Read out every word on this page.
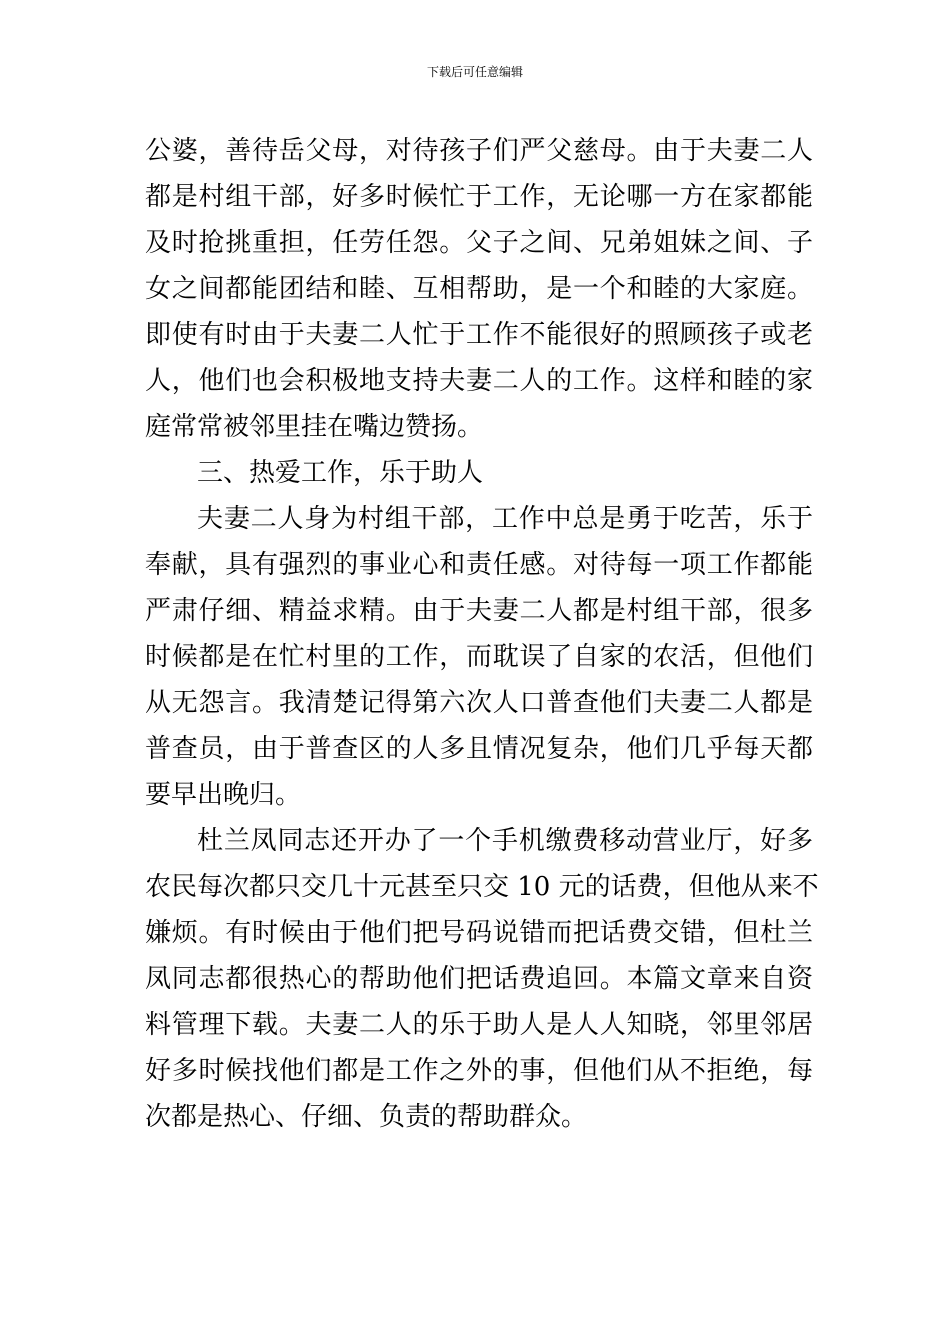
下载后可任意编辑
公婆，善待岳父母，对待孩子们严父慈母。由于夫妻二人
都是村组干部，好多时候忙于工作，无论哪一方在家都能
及时抢挑重担，任劳任怨。父子之间、兄弟姐妹之间、子
女之间都能团结和睦、互相帮助，是一个和睦的大家庭。
即使有时由于夫妻二人忙于工作不能很好的照顾孩子或老
人，他们也会积极地支持夫妻二人的工作。这样和睦的家
庭常常被邻里挂在嘴边赞扬。
三、热爱工作，乐于助人
夫妻二人身为村组干部，工作中总是勇于吃苦，乐于
奉献，具有强烈的事业心和责任感。对待每一项工作都能
严肃仔细、精益求精。由于夫妻二人都是村组干部，很多
时候都是在忙村里的工作，而耽误了自家的农活，但他们
从无怨言。我清楚记得第六次人口普查他们夫妻二人都是
普查员，由于普查区的人多且情况复杂，他们几乎每天都
要早出晚归。
杜兰凤同志还开办了一个手机缴费移动营业厅，好多
农民每次都只交几十元甚至只交 10 元的话费，但他从来不
嫌烦。有时候由于他们把号码说错而把话费交错，但杜兰
凤同志都很热心的帮助他们把话费追回。本篇文章来自资
料管理下载。夫妻二人的乐于助人是人人知晓，邻里邻居
好多时候找他们都是工作之外的事，但他们从不拒绝，每
次都是热心、仔细、负责的帮助群众。
